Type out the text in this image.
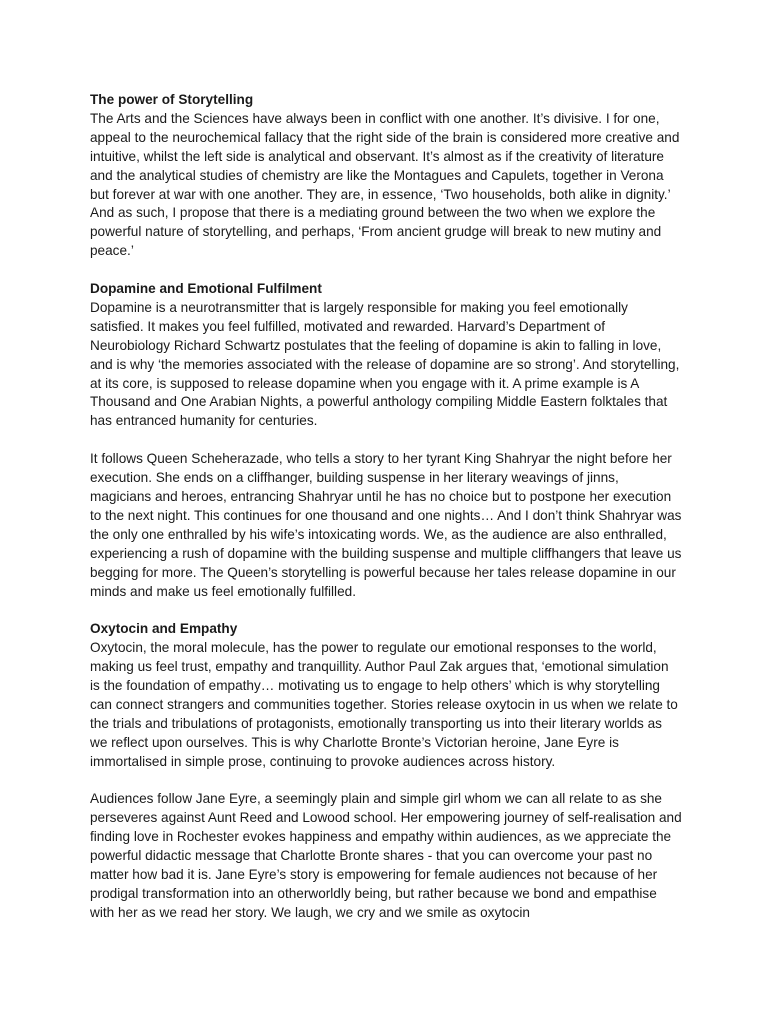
The power of Storytelling

The Arts and the Sciences have always been in conflict with one another. It’s divisive. I for one, appeal to the neurochemical fallacy that the right side of the brain is considered more creative and intuitive, whilst the left side is analytical and observant. It’s almost as if the creativity of literature and the analytical studies of chemistry are like the Montagues and Capulets, together in Verona but forever at war with one another. They are, in essence, ‘Two households, both alike in dignity.’ And as such, I propose that there is a mediating ground between the two when we explore the powerful nature of storytelling, and perhaps, ‘From ancient grudge will break to new mutiny and peace.’

Dopamine and Emotional Fulfilment

Dopamine is a neurotransmitter that is largely responsible for making you feel emotionally satisfied. It makes you feel fulfilled, motivated and rewarded. Harvard’s Department of Neurobiology Richard Schwartz postulates that the feeling of dopamine is akin to falling in love, and is why ‘the memories associated with the release of dopamine are so strong’. And storytelling, at its core, is supposed to release dopamine when you engage with it. A prime example is A Thousand and One Arabian Nights, a powerful anthology compiling Middle Eastern folktales that has entranced humanity for centuries.

It follows Queen Scheherazade, who tells a story to her tyrant King Shahryar the night before her execution. She ends on a cliffhanger, building suspense in her literary weavings of jinns, magicians and heroes, entrancing Shahryar until he has no choice but to postpone her execution to the next night. This continues for one thousand and one nights… And I don’t think Shahryar was the only one enthralled by his wife’s intoxicating words. We, as the audience are also enthralled, experiencing a rush of dopamine with the building suspense and multiple cliffhangers that leave us begging for more. The Queen’s storytelling is powerful because her tales release dopamine in our minds and make us feel emotionally fulfilled.

Oxytocin and Empathy

Oxytocin, the moral molecule, has the power to regulate our emotional responses to the world, making us feel trust, empathy and tranquillity. Author Paul Zak argues that, ‘emotional simulation is the foundation of empathy… motivating us to engage to help others’ which is why storytelling can connect strangers and communities together. Stories release oxytocin in us when we relate to the trials and tribulations of protagonists, emotionally transporting us into their literary worlds as we reflect upon ourselves. This is why Charlotte Bronte’s Victorian heroine, Jane Eyre is immortalised in simple prose, continuing to provoke audiences across history.

Audiences follow Jane Eyre, a seemingly plain and simple girl whom we can all relate to as she perseveres against Aunt Reed and Lowood school. Her empowering journey of self-realisation and finding love in Rochester evokes happiness and empathy within audiences, as we appreciate the powerful didactic message that Charlotte Bronte shares - that you can overcome your past no matter how bad it is. Jane Eyre’s story is empowering for female audiences not because of her prodigal transformation into an otherworldly being, but rather because we bond and empathise with her as we read her story. We laugh, we cry and we smile as oxytocin
